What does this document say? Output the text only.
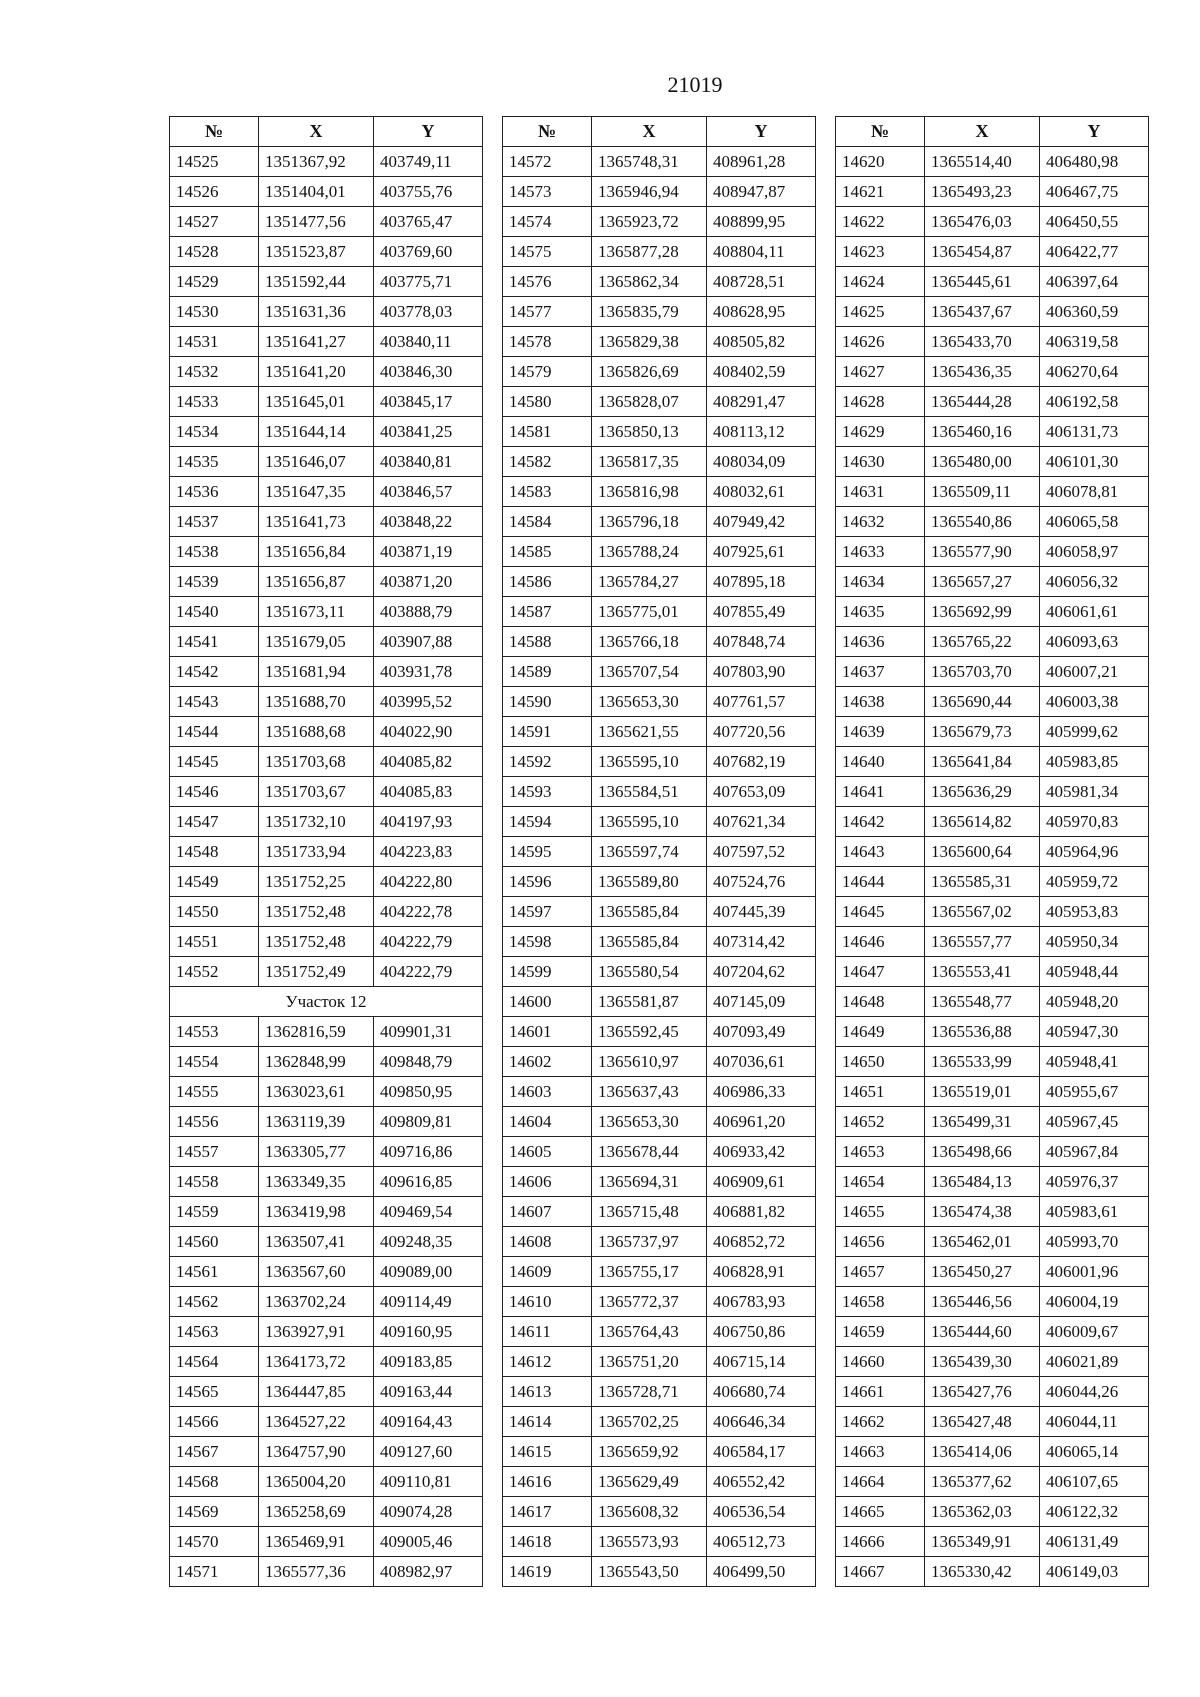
21019
№	X	Y
14525	1351367,92	403749,11
14526	1351404,01	403755,76
14527	1351477,56	403765,47
14528	1351523,87	403769,60
14529	1351592,44	403775,71
14530	1351631,36	403778,03
14531	1351641,27	403840,11
14532	1351641,20	403846,30
14533	1351645,01	403845,17
14534	1351644,14	403841,25
14535	1351646,07	403840,81
14536	1351647,35	403846,57
14537	1351641,73	403848,22
14538	1351656,84	403871,19
14539	1351656,87	403871,20
14540	1351673,11	403888,79
14541	1351679,05	403907,88
14542	1351681,94	403931,78
14543	1351688,70	403995,52
14544	1351688,68	404022,90
14545	1351703,68	404085,82
14546	1351703,67	404085,83
14547	1351732,10	404197,93
14548	1351733,94	404223,83
14549	1351752,25	404222,80
14550	1351752,48	404222,78
14551	1351752,48	404222,79
14552	1351752,49	404222,79
Участок 12		
14553	1362816,59	409901,31
14554	1362848,99	409848,79
14555	1363023,61	409850,95
14556	1363119,39	409809,81
14557	1363305,77	409716,86
14558	1363349,35	409616,85
14559	1363419,98	409469,54
14560	1363507,41	409248,35
14561	1363567,60	409089,00
14562	1363702,24	409114,49
14563	1363927,91	409160,95
14564	1364173,72	409183,85
14565	1364447,85	409163,44
14566	1364527,22	409164,43
14567	1364757,90	409127,60
14568	1365004,20	409110,81
14569	1365258,69	409074,28
14570	1365469,91	409005,46
14571	1365577,36	408982,97
№	X	Y
14572	1365748,31	408961,28
14573	1365946,94	408947,87
14574	1365923,72	408899,95
14575	1365877,28	408804,11
14576	1365862,34	408728,51
14577	1365835,79	408628,95
14578	1365829,38	408505,82
14579	1365826,69	408402,59
14580	1365828,07	408291,47
14581	1365850,13	408113,12
14582	1365817,35	408034,09
14583	1365816,98	408032,61
14584	1365796,18	407949,42
14585	1365788,24	407925,61
14586	1365784,27	407895,18
14587	1365775,01	407855,49
14588	1365766,18	407848,74
14589	1365707,54	407803,90
14590	1365653,30	407761,57
14591	1365621,55	407720,56
14592	1365595,10	407682,19
14593	1365584,51	407653,09
14594	1365595,10	407621,34
14595	1365597,74	407597,52
14596	1365589,80	407524,76
14597	1365585,84	407445,39
14598	1365585,84	407314,42
14599	1365580,54	407204,62
14600	1365581,87	407145,09
14601	1365592,45	407093,49
14602	1365610,97	407036,61
14603	1365637,43	406986,33
14604	1365653,30	406961,20
14605	1365678,44	406933,42
14606	1365694,31	406909,61
14607	1365715,48	406881,82
14608	1365737,97	406852,72
14609	1365755,17	406828,91
14610	1365772,37	406783,93
14611	1365764,43	406750,86
14612	1365751,20	406715,14
14613	1365728,71	406680,74
14614	1365702,25	406646,34
14615	1365659,92	406584,17
14616	1365629,49	406552,42
14617	1365608,32	406536,54
14618	1365573,93	406512,73
14619	1365543,50	406499,50
№	X	Y
14620	1365514,40	406480,98
14621	1365493,23	406467,75
14622	1365476,03	406450,55
14623	1365454,87	406422,77
14624	1365445,61	406397,64
14625	1365437,67	406360,59
14626	1365433,70	406319,58
14627	1365436,35	406270,64
14628	1365444,28	406192,58
14629	1365460,16	406131,73
14630	1365480,00	406101,30
14631	1365509,11	406078,81
14632	1365540,86	406065,58
14633	1365577,90	406058,97
14634	1365657,27	406056,32
14635	1365692,99	406061,61
14636	1365765,22	406093,63
14637	1365703,70	406007,21
14638	1365690,44	406003,38
14639	1365679,73	405999,62
14640	1365641,84	405983,85
14641	1365636,29	405981,34
14642	1365614,82	405970,83
14643	1365600,64	405964,96
14644	1365585,31	405959,72
14645	1365567,02	405953,83
14646	1365557,77	405950,34
14647	1365553,41	405948,44
14648	1365548,77	405948,20
14649	1365536,88	405947,30
14650	1365533,99	405948,41
14651	1365519,01	405955,67
14652	1365499,31	405967,45
14653	1365498,66	405967,84
14654	1365484,13	405976,37
14655	1365474,38	405983,61
14656	1365462,01	405993,70
14657	1365450,27	406001,96
14658	1365446,56	406004,19
14659	1365444,60	406009,67
14660	1365439,30	406021,89
14661	1365427,76	406044,26
14662	1365427,48	406044,11
14663	1365414,06	406065,14
14664	1365377,62	406107,65
14665	1365362,03	406122,32
14666	1365349,91	406131,49
14667	1365330,42	406149,03
